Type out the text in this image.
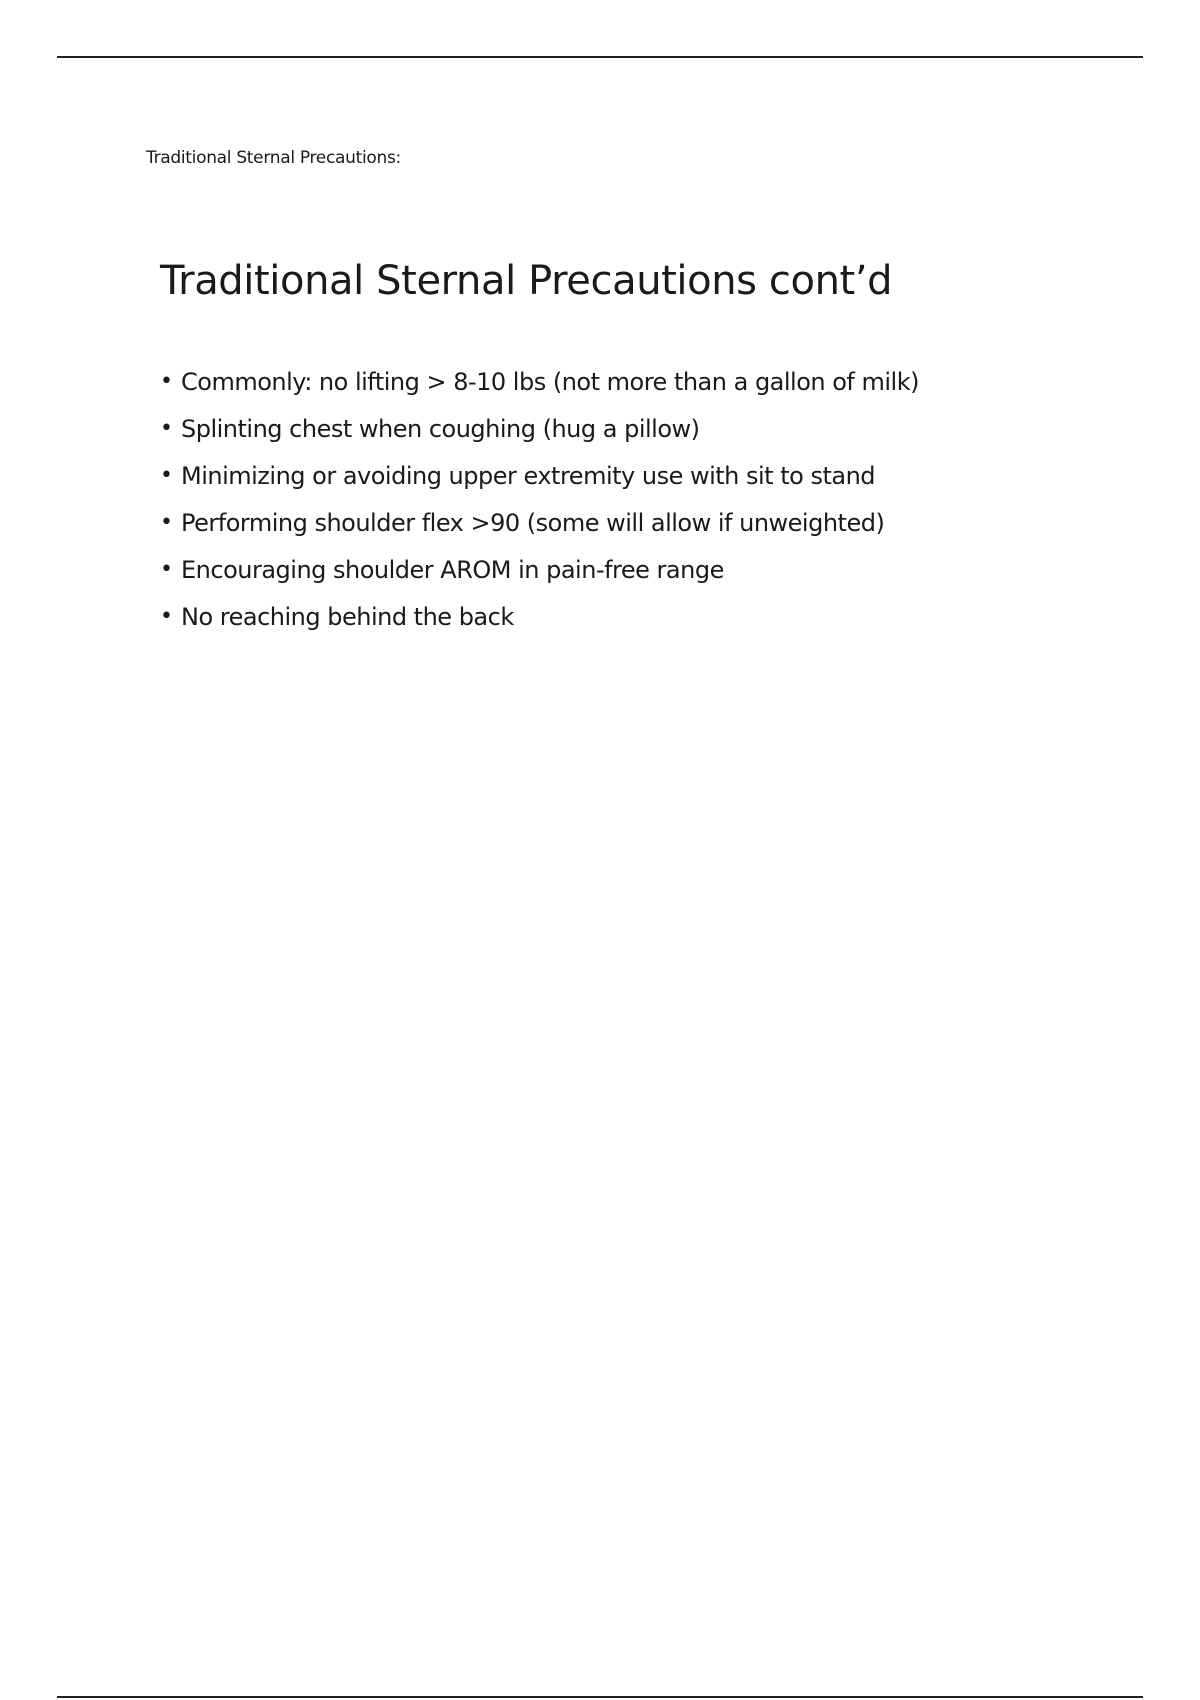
Traditional Sternal Precautions:
Traditional Sternal Precautions cont’d
• Commonly: no lifting > 8-10 lbs (not more than a gallon of milk)
• Splinting chest when coughing (hug a pillow)
• Minimizing or avoiding upper extremity use with sit to stand
• Performing shoulder flex >90 (some will allow if unweighted)
• Encouraging shoulder AROM in pain-free range
• No reaching behind the back
